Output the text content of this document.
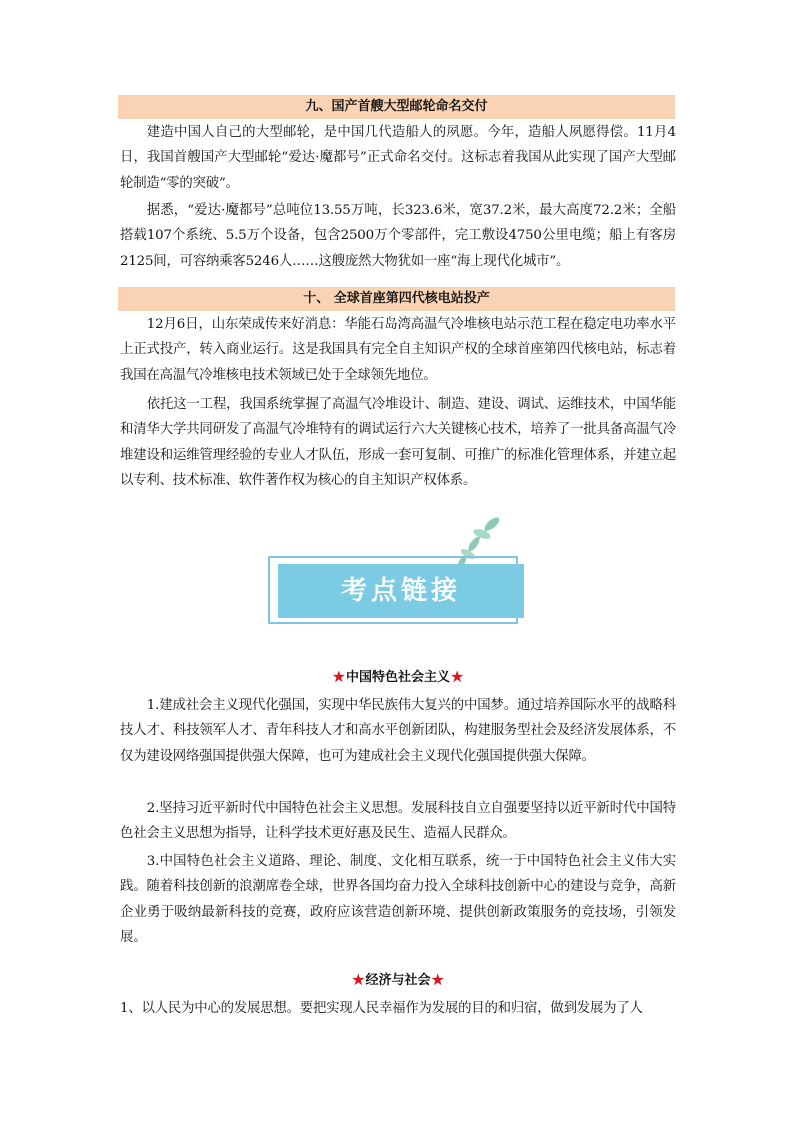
九、国产首艘大型邮轮命名交付

建造中国人自己的大型邮轮，是中国几代造船人的夙愿。今年，造船人夙愿得偿。11月4日，我国首艘国产大型邮轮“爱达·魔都号”正式命名交付。这标志着我国从此实现了国产大型邮轮制造“零的突破”。

据悉，“爱达·魔都号”总吨位13.55万吨，长323.6米，宽37.2米，最大高度72.2米；全船搭载107个系统、5.5万个设备，包含2500万个零部件，完工敷设4750公里电缆；船上有客房2125间，可容纳乘客5246人……这艘庞然大物犹如一座“海上现代化城市”。

十、 全球首座第四代核电站投产

12月6日，山东荣成传来好消息：华能石岛湾高温气冷堆核电站示范工程在稳定电功率水平上正式投产，转入商业运行。这是我国具有完全自主知识产权的全球首座第四代核电站，标志着我国在高温气冷堆核电技术领域已处于全球领先地位。

依托这一工程，我国系统掌握了高温气冷堆设计、制造、建设、调试、运维技术，中国华能和清华大学共同研发了高温气冷堆特有的调试运行六大关键核心技术，培养了一批具备高温气冷堆建设和运维管理经验的专业人才队伍，形成一套可复制、可推广的标准化管理体系，并建立起以专利、技术标准、软件著作权为核心的自主知识产权体系。

考点链接
★中国特色社会主义★

1.建成社会主义现代化强国，实现中华民族伟大复兴的中国梦。通过培养国际水平的战略科技人才、科技领军人才、青年科技人才和高水平创新团队，构建服务型社会及经济发展体系，不仅为建设网络强国提供强大保障，也可为建成社会主义现代化强国提供强大保障。

2.坚持习近平新时代中国特色社会主义思想。发展科技自立自强要坚持以近平新时代中国特色社会主义思想为指导，让科学技术更好惠及民生、造福人民群众。

3.中国特色社会主义道路、理论、制度、文化相互联系，统一于中国特色社会主义伟大实践。随着科技创新的浪潮席卷全球，世界各国均奋力投入全球科技创新中心的建设与竞争，高新企业勇于吸纳最新科技的竞赛，政府应该营造创新环境、提供创新政策服务的竞技场，引领发展。

★经济与社会★

1、以人民为中心的发展思想。要把实现人民幸福作为发展的目的和归宿，做到发展为了人
